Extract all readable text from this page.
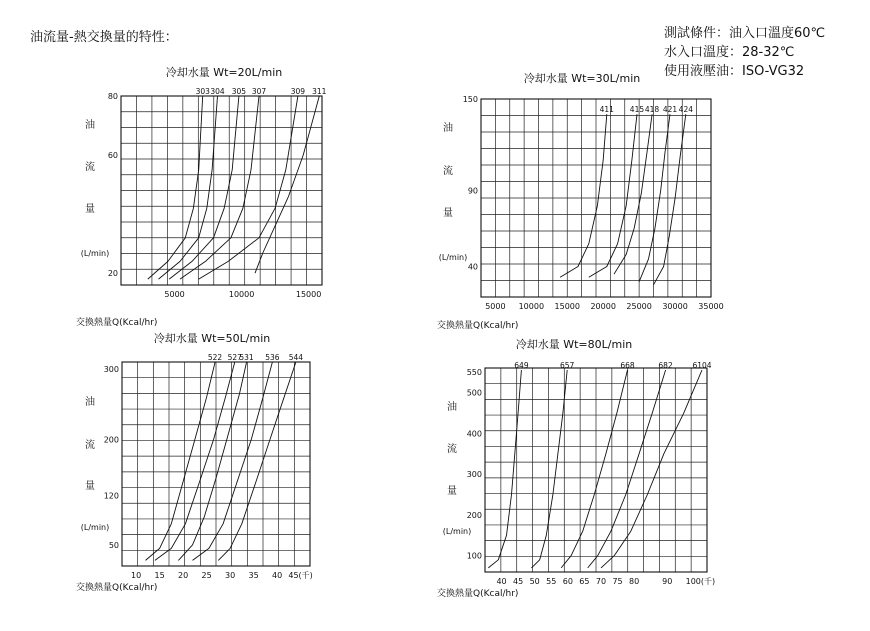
油流量-熱交換量的特性：	測試條件：油入口溫度60℃
水入口溫度：28-32℃
使用液壓油：ISO-VG32
冷却水量 Wt=20L/min
交換熱量Q(Kcal/hr)
油
流
量
(L/min)
5000	10000	15000
20
60
80
303 304 305 307	309 311
冷却水量 Wt=30L/min
交換熱量Q(Kcal/hr)
油
流
量
(L/min)
5000 10000 15000 20000 25000 30000 35000
40
90
150
411 415 418 421 424
冷却水量 Wt=50L/min
交換熱量Q(Kcal/hr)
油
流
量
(L/min)
10 15 20 25 30 35 40 45(千)
50
120
200
300
522 527
531 536 544
冷却水量 Wt=80L/min
交換熱量Q(Kcal/hr)
油
流
量
(L/min)
40 45 50 55 60 65 70 75 80	90 100(千)
100
200
300
400
500
550
649	657	668	682	6104
